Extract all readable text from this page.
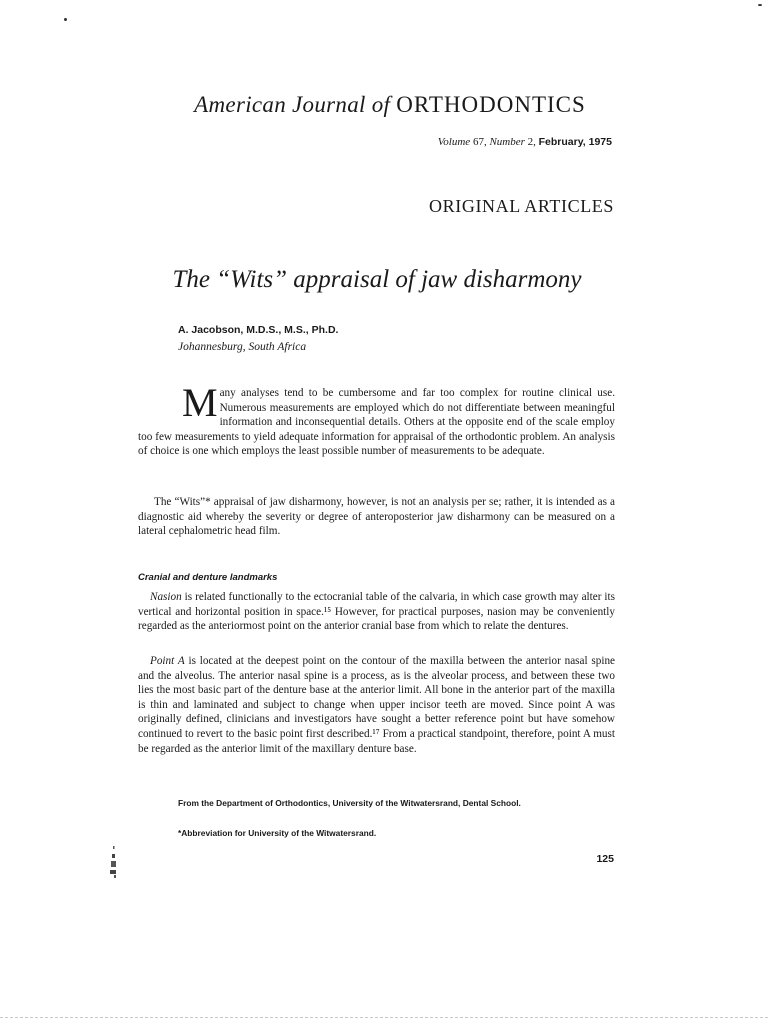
American Journal of ORTHODONTICS
Volume 67, Number 2, February, 1975
ORIGINAL ARTICLES
The “Wits” appraisal of jaw disharmony
A. Jacobson, M.D.S., M.S., Ph.D.
Johannesburg, South Africa
Many analyses tend to be cumbersome and far too complex for routine clinical use. Numerous measurements are employed which do not differentiate between meaningful information and inconsequential details. Others at the opposite end of the scale employ too few measurements to yield adequate information for appraisal of the orthodontic problem. An analysis of choice is one which employs the least possible number of measurements to be adequate.
The “Wits”* appraisal of jaw disharmony, however, is not an analysis per se; rather, it is intended as a diagnostic aid whereby the severity or degree of anteroposterior jaw disharmony can be measured on a lateral cephalometric head film.
Cranial and denture landmarks
Nasion is related functionally to the ectocranial table of the calvaria, in which case growth may alter its vertical and horizontal position in space.¹⁵ However, for practical purposes, nasion may be conveniently regarded as the anteriormost point on the anterior cranial base from which to relate the dentures.
Point A is located at the deepest point on the contour of the maxilla between the anterior nasal spine and the alveolus. The anterior nasal spine is a process, as is the alveolar process, and between these two lies the most basic part of the denture base at the anterior limit. All bone in the anterior part of the maxilla is thin and laminated and subject to change when upper incisor teeth are moved. Since point A was originally defined, clinicians and investigators have sought a better reference point but have somehow continued to revert to the basic point first described.¹⁷ From a practical standpoint, therefore, point A must be regarded as the anterior limit of the maxillary denture base.
From the Department of Orthodontics, University of the Witwatersrand, Dental School.
*Abbreviation for University of the Witwatersrand.
125
